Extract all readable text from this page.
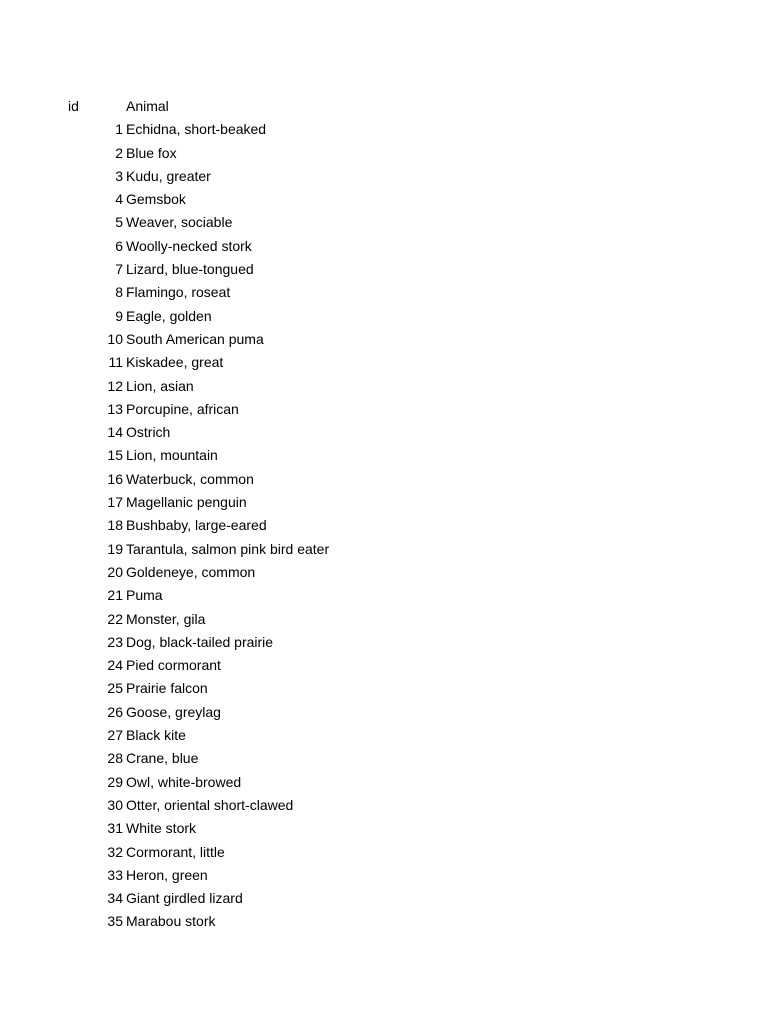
id	Animal
1 Echidna, short-beaked
2 Blue fox
3 Kudu, greater
4 Gemsbok
5 Weaver, sociable
6 Woolly-necked stork
7 Lizard, blue-tongued
8 Flamingo, roseat
9 Eagle, golden
10 South American puma
11 Kiskadee, great
12 Lion, asian
13 Porcupine, african
14 Ostrich
15 Lion, mountain
16 Waterbuck, common
17 Magellanic penguin
18 Bushbaby, large-eared
19 Tarantula, salmon pink bird eater
20 Goldeneye, common
21 Puma
22 Monster, gila
23 Dog, black-tailed prairie
24 Pied cormorant
25 Prairie falcon
26 Goose, greylag
27 Black kite
28 Crane, blue
29 Owl, white-browed
30 Otter, oriental short-clawed
31 White stork
32 Cormorant, little
33 Heron, green
34 Giant girdled lizard
35 Marabou stork
